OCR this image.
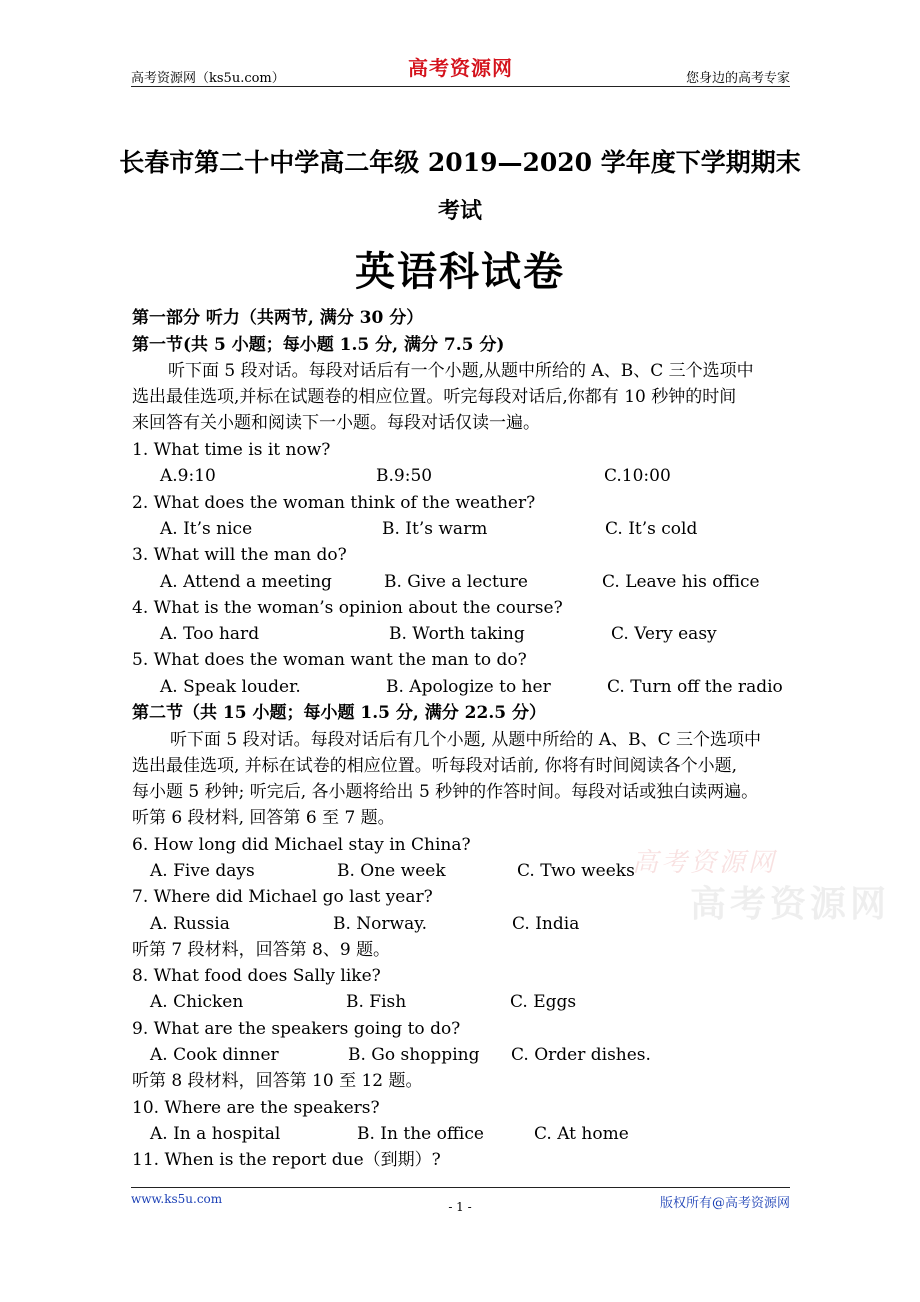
高考资源网（ks5u.com）	高考资源网	您身边的高考专家
长春市第二十中学高二年级 2019—2020 学年度下学期期末
考试
英语科试卷
第一部分 听力（共两节, 满分 30 分）
第一节(共 5 小题；每小题 1.5 分, 满分 7.5 分)
听下面 5 段对话。每段对话后有一个小题,从题中所给的 A、B、C 三个选项中
选出最佳选项,并标在试题卷的相应位置。听完每段对话后,你都有 10 秒钟的时间
来回答有关小题和阅读下一小题。每段对话仅读一遍。
1. What time is it now?
A.9:10	B.9:50	C.10:00
2. What does the woman think of the weather?
A. It’s nice	B. It’s warm	C. It’s cold
3. What will the man do?
A. Attend a meeting	B. Give a lecture	C. Leave his office
4. What is the woman’s opinion about the course?
A. Too hard	B. Worth taking	C. Very easy
5. What does the woman want the man to do?
A. Speak louder.	B. Apologize to her	C. Turn off the radio
第二节（共 15 小题；每小题 1.5 分, 满分 22.5 分）
听下面 5 段对话。每段对话后有几个小题, 从题中所给的 A、B、C 三个选项中
选出最佳选项, 并标在试卷的相应位置。听每段对话前, 你将有时间阅读各个小题,
每小题 5 秒钟; 听完后, 各小题将给出 5 秒钟的作答时间。每段对话或独白读两遍。
听第 6 段材料, 回答第 6 至 7 题。
高考资源网
高考资源网
6. How long did Michael stay in China?
A. Five days	B. One week	C. Two weeks
7. Where did Michael go last year?
A. Russia	B. Norway.	C. India
听第 7 段材料，回答第 8、9 题。
8. What food does Sally like?
A. Chicken	B. Fish	C. Eggs
9. What are the speakers going to do?
A. Cook dinner	B. Go shopping C. Order dishes.
听第 8 段材料，回答第 10 至 12 题。
10. Where are the speakers?
A. In a hospital	B. In the office	C. At home
11. When is the report due（到期）?
www.ks5u.com
- 1 -	版权所有@高考资源网
